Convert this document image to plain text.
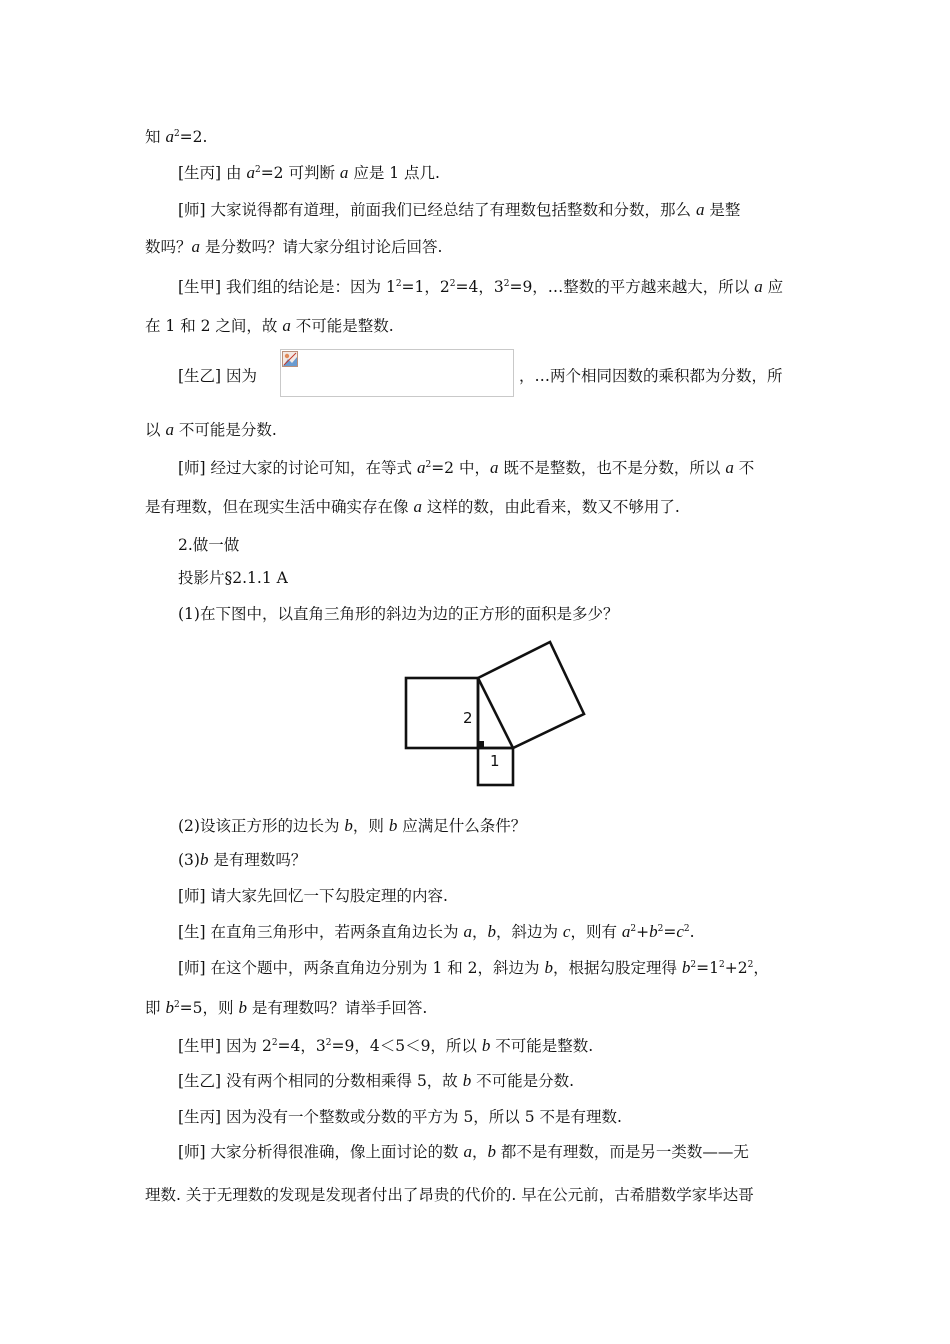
知 $a^2=2$.
[生丙] 由 $a^2=2$ 可判断 a 应是 1 点几.
[师] 大家说得都有道理，前面我们已经总结了有理数包括整数和分数，那么 a 是整
数吗？a 是分数吗？请大家分组讨论后回答.
[生甲] 我们组的结论是：因为 $1^2=1$，$2^2=4$，$3^2=9$，…整数的平方越来越大，所以 a 应
在 1 和 2 之间，故 a 不可能是整数.
[生乙] 因为	，…两个相同因数的乘积都为分数，所
以 a 不可能是分数.
[师] 经过大家的讨论可知，在等式 $a^2=2$ 中，a 既不是整数，也不是分数，所以 a 不
是有理数，但在现实生活中确实存在像 a 这样的数，由此看来，数又不够用了.
2.做一做
投影片§2.1.1 A
(1)在下图中，以直角三角形的斜边为边的正方形的面积是多少？
2
1
(2)设该正方形的边长为 b，则 b 应满足什么条件？
(3)b 是有理数吗？
[师] 请大家先回忆一下勾股定理的内容.
[生] 在直角三角形中，若两条直角边长为 a，b，斜边为 c，则有 $a^2+b^2=c^2$.
[师] 在这个题中，两条直角边分别为 1 和 2，斜边为 b，根据勾股定理得 $b^2=1^2+2^2$，
即 $b^2=5$，则 b 是有理数吗？请举手回答.
[生甲] 因为 $2^2=4$，$3^2=9$，4＜5＜9，所以 b 不可能是整数.
[生乙] 没有两个相同的分数相乘得 5，故 b 不可能是分数.
[生丙] 因为没有一个整数或分数的平方为 5，所以 5 不是有理数.
[师] 大家分析得很准确，像上面讨论的数 a，b 都不是有理数，而是另一类数——无
理数. 关于无理数的发现是发现者付出了昂贵的代价的. 早在公元前，古希腊数学家毕达哥
